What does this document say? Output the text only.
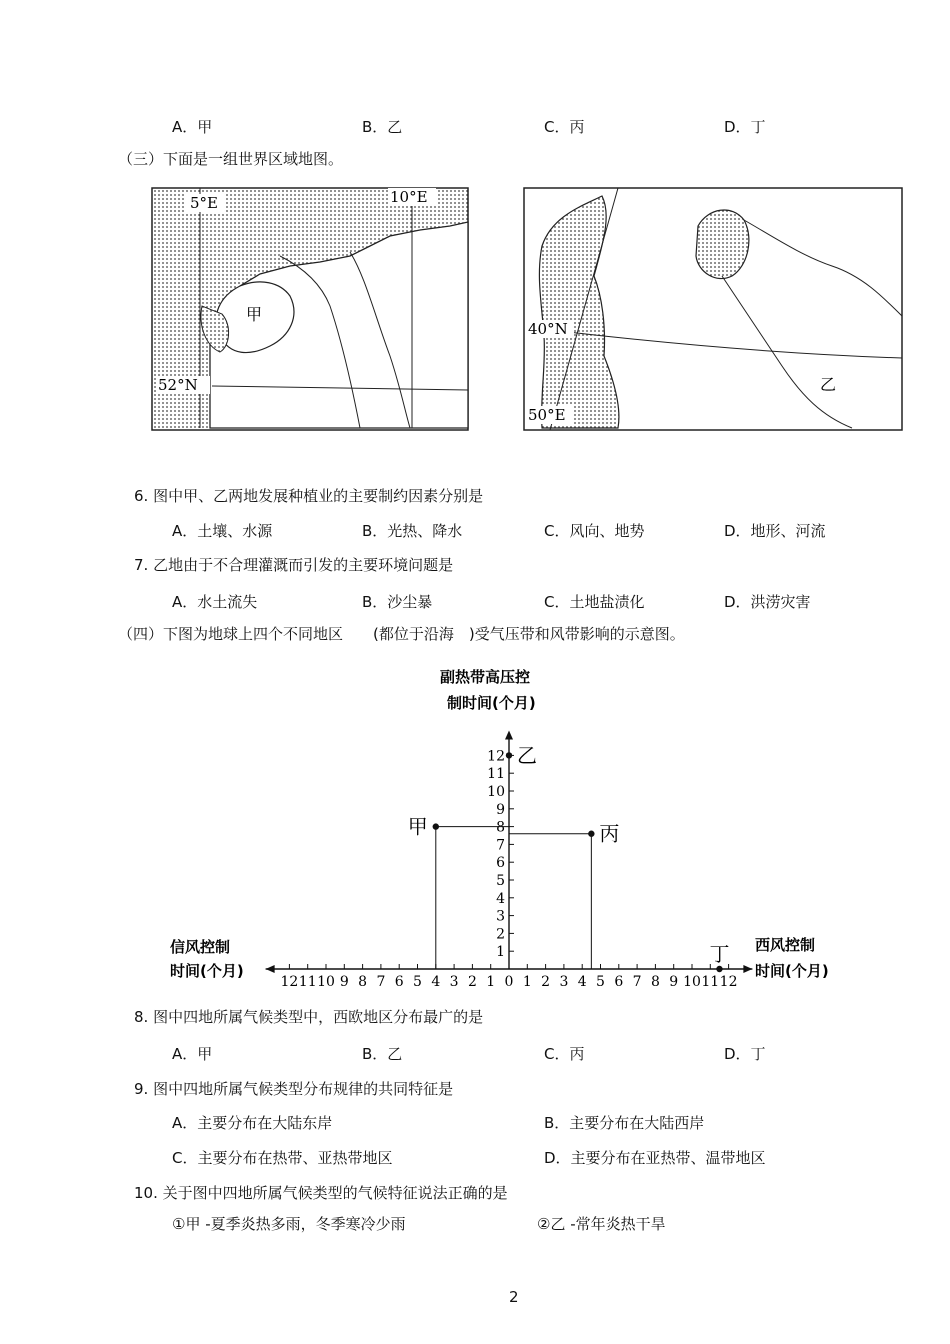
A．甲	B．乙	C．丙	D．丁
（三）下面是一组世界区域地图。
5°E	10°E
52°N
甲
40°N
50°E
乙
6. 图中甲、乙两地发展种植业的主要制约因素分别是
A．土壤、水源	B．光热、降水	C．风向、地势	D．地形、河流
7. 乙地由于不合理灌溉而引发的主要环境问题是
A．水土流失	B．沙尘暴	C．土地盐渍化	D．洪涝灾害
（四）下图为地球上四个不同地区　　(都位于沿海　)受气压带和风带影响的示意图。
副热带高压控
制时间(个月)
信风控制
时间(个月)
西风控制
时间(个月)
1
2
3
4
5
6
7
8
9
10
11
12
12 11 10 9 8 7 6 5 4 3 2 1 0 1 2 3 4 5 6 7 8 9 10 11 12
甲
乙
丙
丁
8. 图中四地所属气候类型中，西欧地区分布最广的是
A．甲	B．乙	C．丙	D．丁
9. 图中四地所属气候类型分布规律的共同特征是
A．主要分布在大陆东岸	B．主要分布在大陆西岸
C．主要分布在热带、亚热带地区	D．主要分布在亚热带、温带地区
10. 关于图中四地所属气候类型的气候特征说法正确的是
①甲 -夏季炎热多雨，冬季寒冷少雨	②乙 -常年炎热干旱
2
